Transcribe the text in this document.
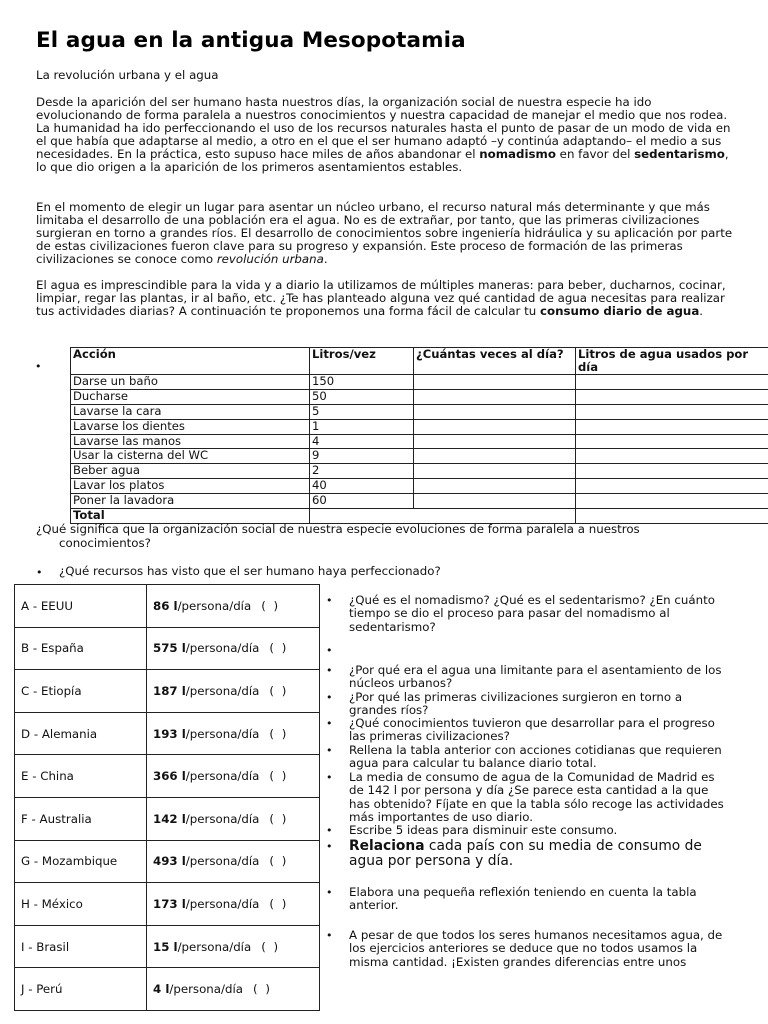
El agua en la antigua Mesopotamia
La revolución urbana y el agua

Desde la aparición del ser humano hasta nuestros días, la organización social de nuestra especie ha ido evolucionando de forma paralela a nuestros conocimientos y nuestra capacidad de manejar el medio que nos rodea. La humanidad ha ido perfeccionando el uso de los recursos naturales hasta el punto de pasar de un modo de vida en el que había que adaptarse al medio, a otro en el que el ser humano adaptó –y continúa adaptando– el medio a sus necesidades. En la práctica, esto supuso hace miles de años abandonar el nomadismo en favor del sedentarismo, lo que dio origen a la aparición de los primeros asentamientos estables.

En el momento de elegir un lugar para asentar un núcleo urbano, el recurso natural más determinante y que más limitaba el desarrollo de una población era el agua. No es de extrañar, por tanto, que las primeras civilizaciones surgieran en torno a grandes ríos. El desarrollo de conocimientos sobre ingeniería hidráulica y su aplicación por parte de estas civilizaciones fueron clave para su progreso y expansión. Este proceso de formación de las primeras civilizaciones se conoce como revolución urbana.

El agua es imprescindible para la vida y a diario la utilizamos de múltiples maneras: para beber, ducharnos, cocinar, limpiar, regar las plantas, ir al baño, etc. ¿Te has planteado alguna vez qué cantidad de agua necesitas para realizar tus actividades diarias? A continuación te proponemos una forma fácil de calcular tu consumo diario de agua.

•
Acción	Litros/vez	¿Cuántas veces al día?	Litros de agua usados por día
Darse un baño	150		
Ducharse	50		
Lavarse la cara	5		
Lavarse los dientes	1		
Lavarse las manos	4		
Usar la cisterna del WC	9		
Beber agua	2		
Lavar los platos	40		
Poner la lavadora	60		
Total			
¿Qué significa que la organización social de nuestra especie evoluciones de forma paralela a nuestros
conocimientos?
• ¿Qué recursos has visto que el ser humano haya perfeccionado?
A - EEUU	86 l/persona/día ( )
B - España	575 l/persona/día ( )
C - Etiopía	187 l/persona/día ( )
D - Alemania	193 l/persona/día ( )
E - China	366 l/persona/día ( )
F - Australia	142 l/persona/día ( )
G - Mozambique	493 l/persona/día ( )
H - México	173 l/persona/día ( )
I - Brasil	15 l/persona/día ( )
J - Perú	4 l/persona/día ( )
• ¿Qué es el nomadismo? ¿Qué es el sedentarismo? ¿En cuánto tiempo se dio el proceso para pasar del nomadismo al sedentarismo?
•
• ¿Por qué era el agua una limitante para el asentamiento de los núcleos urbanos?
• ¿Por qué las primeras civilizaciones surgieron en torno a grandes ríos?
• ¿Qué conocimientos tuvieron que desarrollar para el progreso las primeras civilizaciones?
• Rellena la tabla anterior con acciones cotidianas que requieren agua para calcular tu balance diario total.
• La media de consumo de agua de la Comunidad de Madrid es de 142 l por persona y día ¿Se parece esta cantidad a la que has obtenido? Fíjate en que la tabla sólo recoge las actividades más importantes de uso diario.
• Escribe 5 ideas para disminuir este consumo.
• Relaciona cada país con su media de consumo de agua por persona y día.
• Elabora una pequeña reflexión teniendo en cuenta la tabla anterior.
• A pesar de que todos los seres humanos necesitamos agua, de los ejercicios anteriores se deduce que no todos usamos la misma cantidad. ¡Existen grandes diferencias entre unos
